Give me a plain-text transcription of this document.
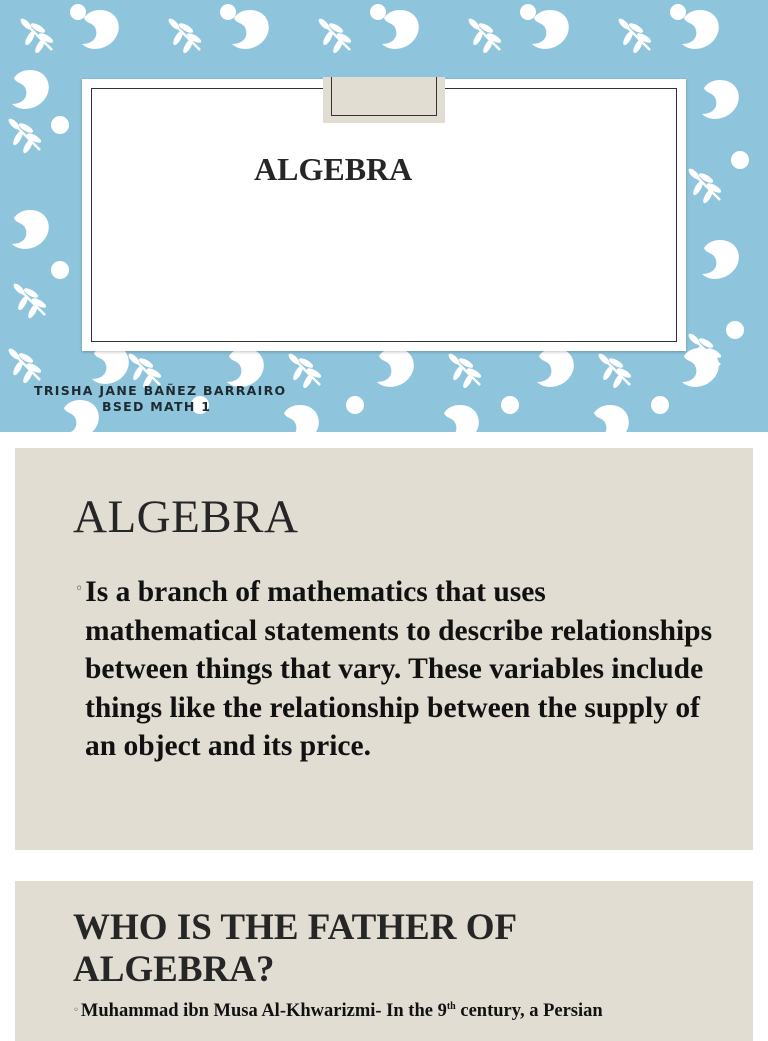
ALGEBRA
TRISHA JANE BAÑEZ BARRAIRO
BSED MATH 1
ALGEBRA
◦Is a branch of mathematics that uses mathematical statements to describe relationships between things that vary. These variables include things like the relationship between the supply of an object and its price.
WHO IS THE FATHER OF ALGEBRA?
◦ Muhammad ibn Musa Al-Khwarizmi- In the 9th century, a Persian
